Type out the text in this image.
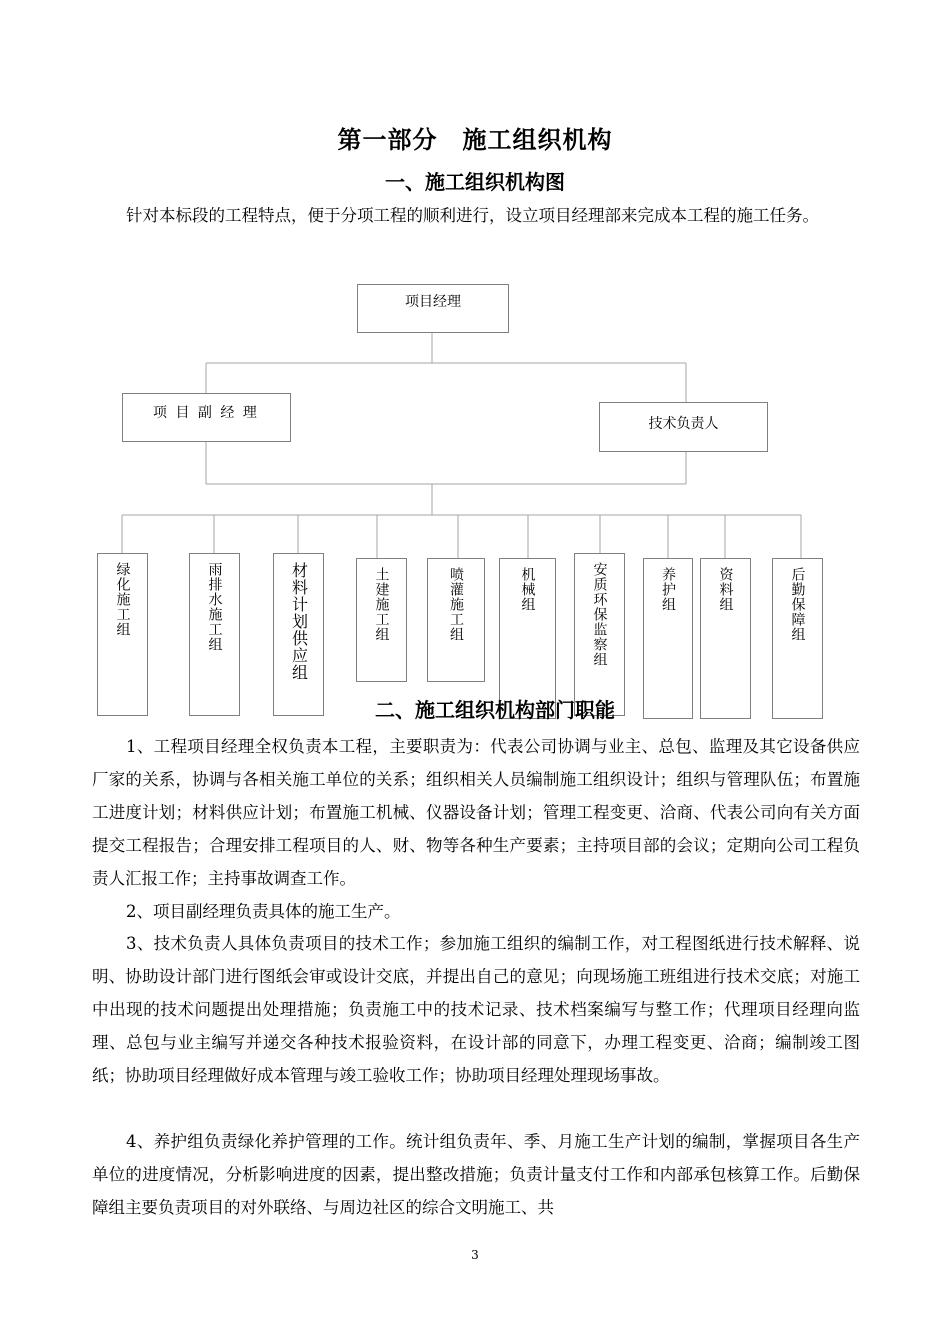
第一部分　施工组织机构
一、施工组织机构图
针对本标段的工程特点，便于分项工程的顺利进行，设立项目经理部来完成本工程的施工任务。
项目经理
项 目 副 经 理
技术负责人
绿化施工组	雨排水施工组	材料计划供应组	土建施工组	喷灌施工组	机械组	安质环保监察组	养护组	资料组	后勤保障组
二、施工组织机构部门职能
1、工程项目经理全权负责本工程，主要职责为：代表公司协调与业主、总包、监理及其它设备供应厂家的关系，协调与各相关施工单位的关系；组织相关人员编制施工组织设计；组织与管理队伍；布置施工进度计划；材料供应计划；布置施工机械、仪器设备计划；管理工程变更、洽商、代表公司向有关方面提交工程报告；合理安排工程项目的人、财、物等各种生产要素；主持项目部的会议；定期向公司工程负责人汇报工作；主持事故调查工作。
2、项目副经理负责具体的施工生产。
3、技术负责人具体负责项目的技术工作；参加施工组织的编制工作，对工程图纸进行技术解释、说明、协助设计部门进行图纸会审或设计交底，并提出自己的意见；向现场施工班组进行技术交底；对施工中出现的技术问题提出处理措施；负责施工中的技术记录、技术档案编写与整工作；代理项目经理向监理、总包与业主编写并递交各种技术报验资料，在设计部的同意下，办理工程变更、洽商；编制竣工图纸；协助项目经理做好成本管理与竣工验收工作；协助项目经理处理现场事故。
4、养护组负责绿化养护管理的工作。统计组负责年、季、月施工生产计划的编制，掌握项目各生产单位的进度情况，分析影响进度的因素，提出整改措施；负责计量支付工作和内部承包核算工作。后勤保障组主要负责项目的对外联络、与周边社区的综合文明施工、共
3
